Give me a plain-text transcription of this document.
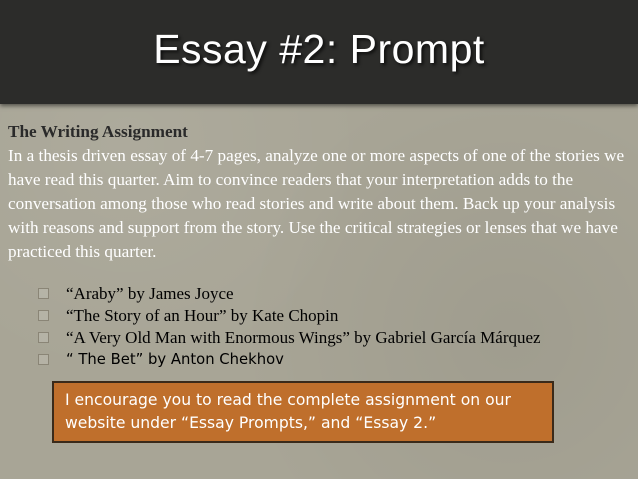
Essay #2: Prompt
The Writing Assignment
In a thesis driven essay of 4-7 pages, analyze one or more aspects of one of the stories we have read this quarter. Aim to convince readers that your interpretation adds to the conversation among those who read stories and write about them. Back up your analysis with reasons and support from the story. Use the critical strategies or lenses that we have practiced this quarter.
“Araby” by James Joyce
“The Story of an Hour” by Kate Chopin
“A Very Old Man with Enormous Wings” by Gabriel García Márquez
“ The Bet” by Anton Chekhov
I encourage you to read the complete assignment on our website under “Essay Prompts,” and “Essay 2.”
